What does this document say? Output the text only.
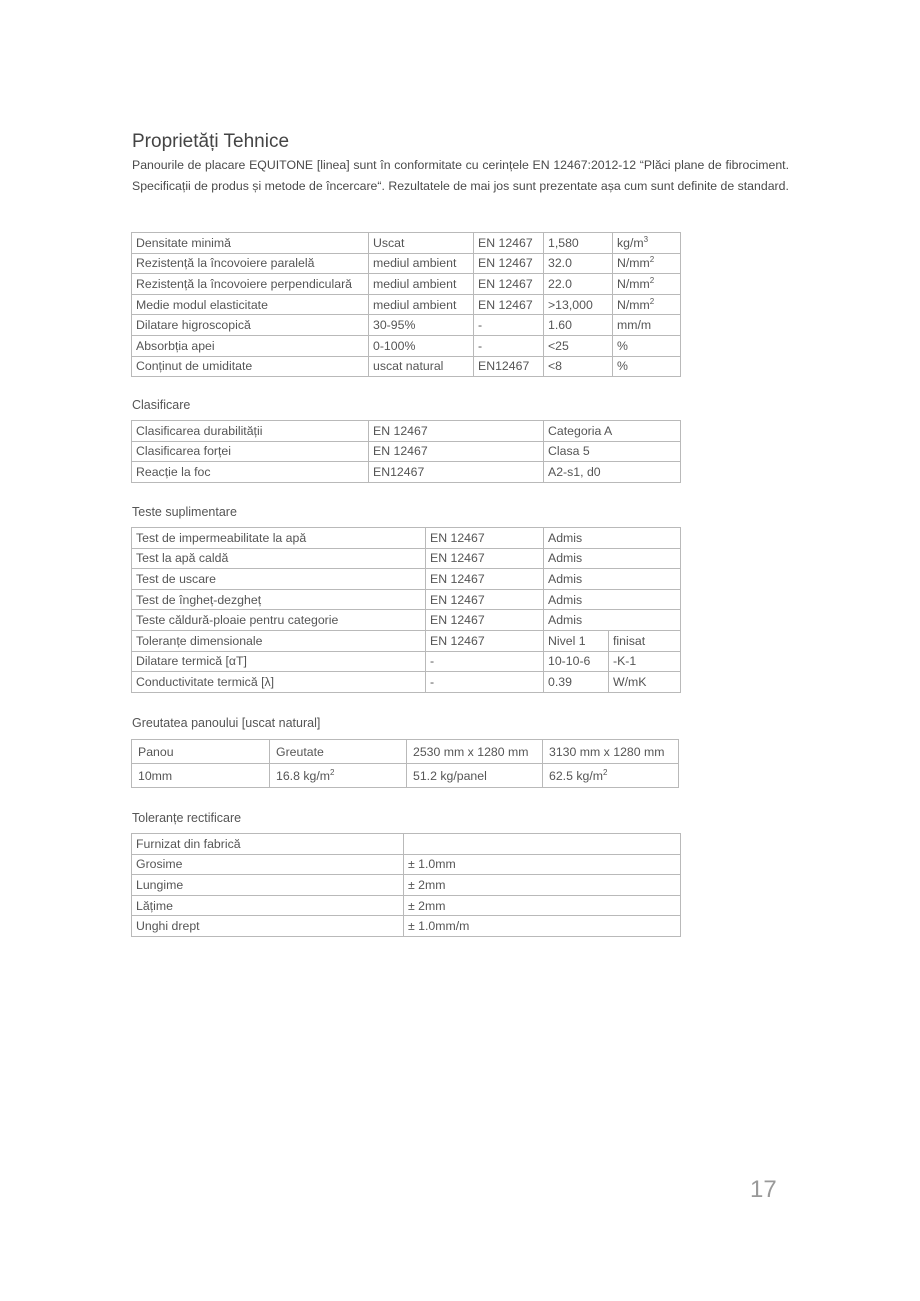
Proprietăți Tehnice

Panourile de placare EQUITONE [linea] sunt în conformitate cu cerințele EN 12467:2012-12 “Plăci plane de fibrociment. Specificații de produs și metode de încercare“. Rezultatele de mai jos sunt prezentate așa cum sunt definite de standard.

Densitate minimă	Uscat	EN 12467	1,580	$kg/m^3$
Rezistență la încovoiere paralelă	mediul ambient	EN 12467	32.0	$N/mm^2$
Rezistență la încovoiere perpendiculară	mediul ambient	EN 12467	22.0	$N/mm^2$
Medie modul elasticitate	mediul ambient	EN 12467	>13,000	$N/mm^2$
Dilatare higroscopică	30-95%	-	1.60	mm/m
Absorbția apei	0-100%	-	<25	%
Conținut de umiditate	uscat natural	EN12467	<8	%
Clasificare
Clasificarea durabilității	EN 12467	Categoria A
Clasificarea forței	EN 12467	Clasa 5
Reacție la foc	EN12467	A2-s1, d0
Teste suplimentare
Test de impermeabilitate la apă	EN 12467	Admis	
Test la apă caldă	EN 12467	Admis	
Test de uscare	EN 12467	Admis	
Test de îngheț-dezgheț	EN 12467	Admis	
Teste căldură-ploaie pentru categorie	EN 12467	Admis	
Toleranțe dimensionale	EN 12467	Nivel 1	finisat
Dilatare termică [αT]	-	10-10-6	-K-1
Conductivitate termică [λ]	-	0.39	W/mK
Greutatea panoului [uscat natural]
Panou	Greutate	2530 mm x 1280 mm	3130 mm x 1280 mm
10mm	16.8 $kg/m^2$	51.2 kg/panel	62.5 $kg/m^2$
Toleranțe rectificare
Furnizat din fabrică	
Grosime	± 1.0mm
Lungime	± 2mm
Lățime	± 2mm
Unghi drept	± 1.0mm/m
17
